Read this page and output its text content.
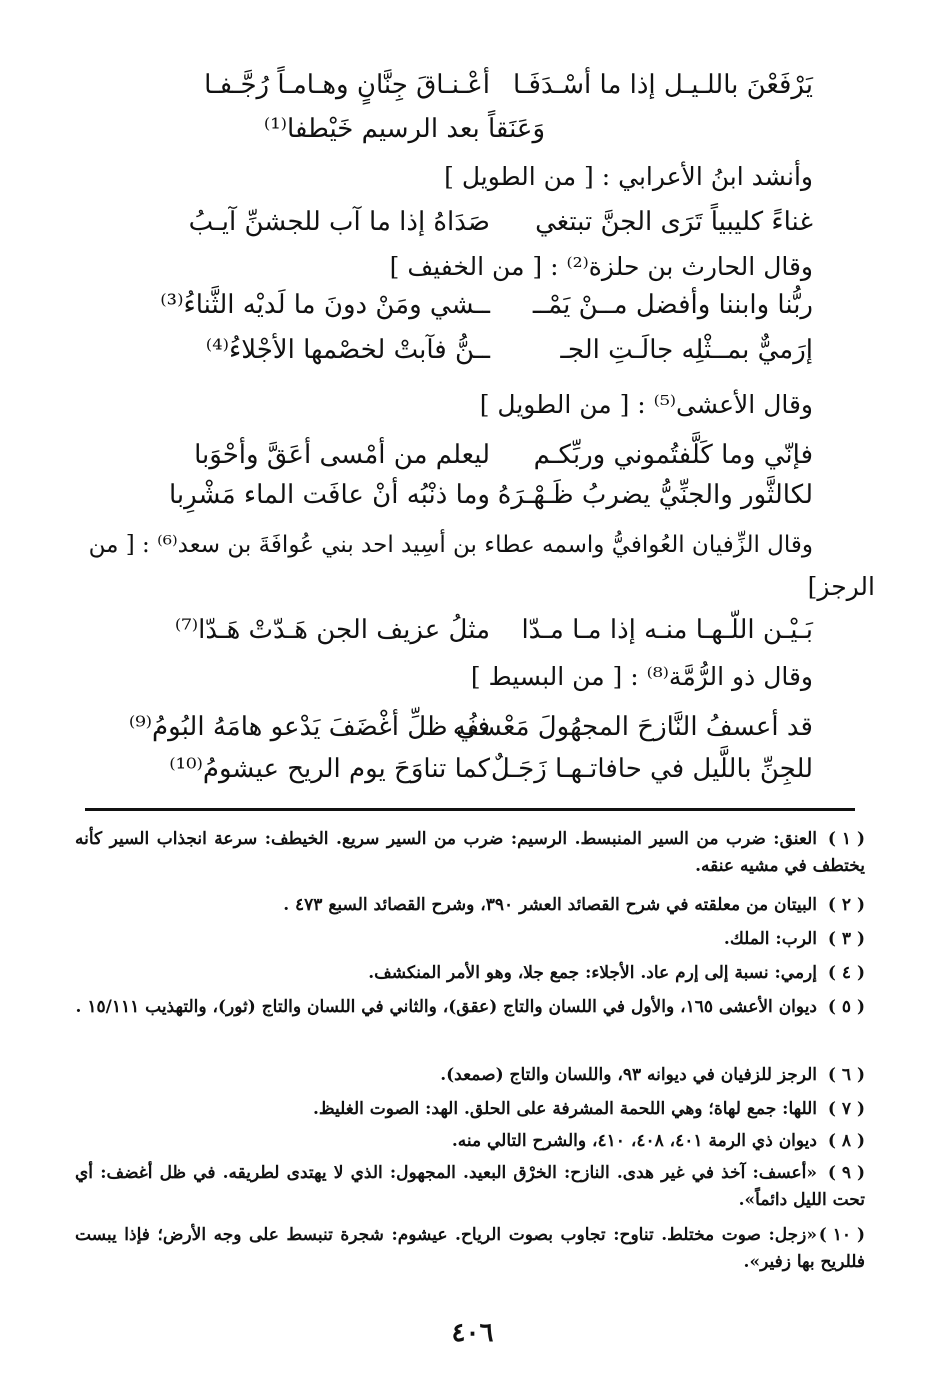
يَرْفَعْنَ باللـيـل إذا ما أسْـدَفَـا
أعْـنـاقَ جِنَّانٍ وهـامـاً رُجَّـفـا
وَعَنَقاً بعد الرسيم خَيْطفا⁽¹⁾
وأنشد ابنُ الأعرابي : [ من الطويل ]
غناءً كليبياً تَرَى الجنَّ تبتغي
صَدَاهُ إذا ما آب للجشنِّ آيـبُ
وقال الحارث بن حلزة⁽²⁾ : [ من الخفيف ]
ربُّنا وابننا وأفضل مــنْ يَمْــ
ــشي ومَنْ دونَ ما لَديْه الثَّناءُ⁽³⁾
إرَميٌّ بمــثْلِه جالَـتِ الجـ
ــنُّ فآبتْ لخصْمها الأجْلاءُ⁽⁴⁾
وقال الأعشى⁽⁵⁾ : [ من الطويل ]
فإنّي وما كَلَّفتُموني وربِّكـم
ليعلم من أمْسى أعَقَّ وأحْوَبا
لكالثَّور والجنِّيُّ يضربُ ظَـهْـرَهُ
وما ذنْبُه أنْ عافَت الماء مَشْرِبا
وقال الزِّفيان العُوافيُّ واسمه عطاء بن أسِيد احد بني عُوافَةَ بن سعد⁽⁶⁾ : [ من
الرجز]
بَـيْـن اللّـهـا منـه إذا مـا مـدّا
مثلُ عزيف الجن هَـدّتْ هَـدّا⁽⁷⁾
وقال ذو الرُّمَّة⁽⁸⁾ : [ من البسيط ]
قد أعسفُ النَّازحَ المجهُولَ مَعْسفُه
في ظلِّ أغْضَفَ يَدْعو هامَهُ البُومُ⁽⁹⁾
للجِنِّ باللَّيل في حافاتـهـا زَجَـلٌ
كما تناوَحَ يوم الريح عيشومُ⁽¹⁰⁾
( ١ )العنق: ضرب من السير المنبسط. الرسيم: ضرب من السير سريع. الخيطف: سرعة انجذاب السير كأنه يختطف في مشيه عنقه.
( ٢ )البيتان من معلقته في شرح القصائد العشر ٣٩٠، وشرح القصائد السبع ٤٧٣ .
( ٣ )الرب: الملك.
( ٤ )إرمي: نسبة إلى إرم عاد. الأجلاء: جمع جلا، وهو الأمر المنكشف.
( ٥ )ديوان الأعشى ١٦٥، والأول في اللسان والتاج (عقق)، والثاني في اللسان والتاج (ثور)، والتهذيب ١٥/١١١ .
( ٦ )الرجز للزفيان في ديوانه ٩٣، واللسان والتاج (صمعد).
( ٧ )اللها: جمع لهاة؛ وهي اللحمة المشرفة على الحلق. الهد: الصوت الغليظ.
( ٨ )ديوان ذي الرمة ٤٠١، ٤٠٨، ٤١٠، والشرح التالي منه.
( ٩ )«أعسف: آخذ في غير هدى. النازح: الخرْق البعيد. المجهول: الذي لا يهتدى لطريقه. في ظل أغضف: أي تحت الليل دائماً».
( ١٠ )«زجل: صوت مختلط. تناوح: تجاوب بصوت الرياح. عيشوم: شجرة تنبسط على وجه الأرض؛ فإذا يبست فللريح بها زفير».
٤٠٦
